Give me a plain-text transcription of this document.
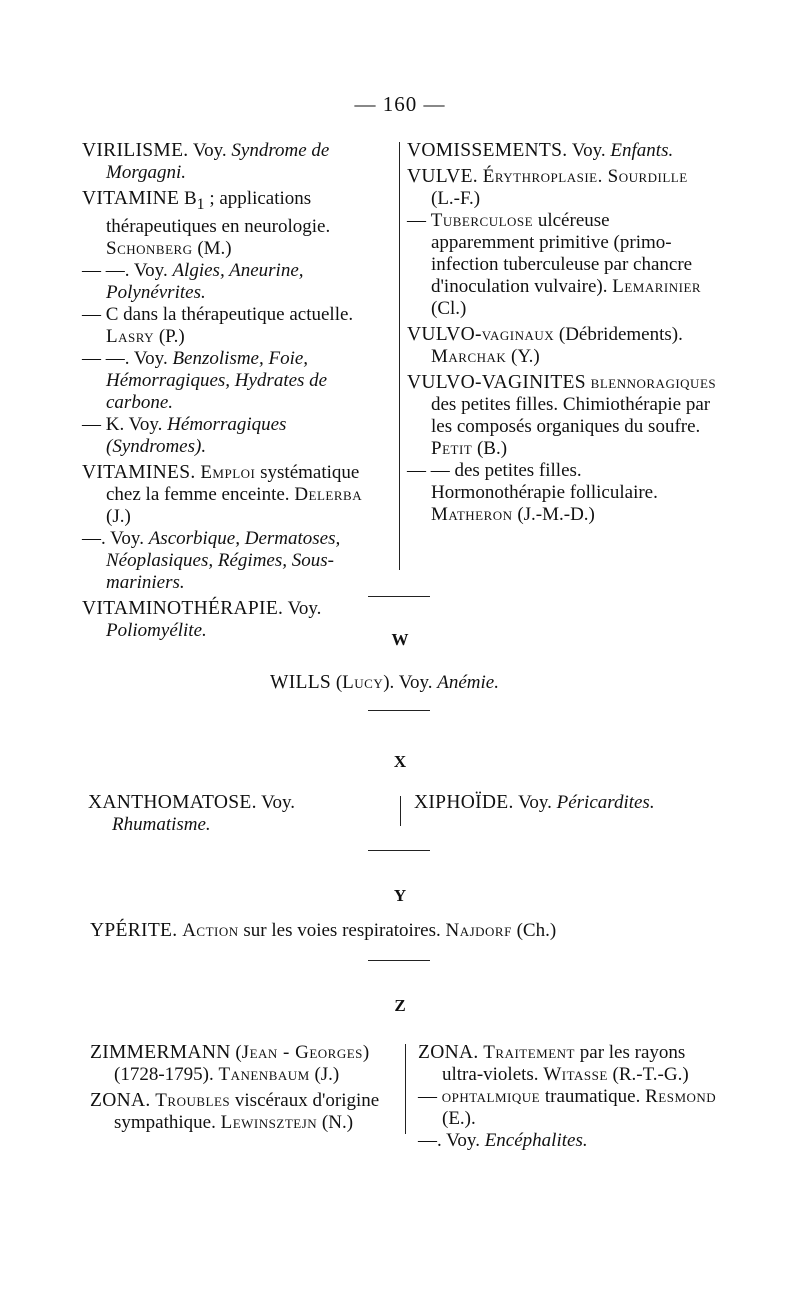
— 160 —
VIRILISME. Voy. Syndrome de Morgagni.
VITAMINE $B_1$ ; applications thérapeutiques en neurologie. Schonberg (M.)
— —. Voy. Algies, Aneurine, Polynévrites.
— C dans la thérapeutique actuelle. Lasry (P.)
— —. Voy. Benzolisme, Foie, Hémorragiques, Hydrates de carbone.
— K. Voy. Hémorragiques (Syndromes).
VITAMINES. Emploi systématique chez la femme enceinte. Delerba (J.)
—. Voy. Ascorbique, Dermatoses, Néoplasiques, Régimes, Sous-mariniers.
VITAMINOTHÉRAPIE. Voy. Poliomyélite.
VOMISSEMENTS. Voy. Enfants.
VULVE. Érythroplasie. Sourdille (L.-F.)
— Tuberculose ulcéreuse apparemment primitive (primo-infection tuberculeuse par chancre d'inoculation vulvaire). Lemarinier (Cl.)
VULVO-vaginaux (Débridements). Marchak (Y.)
VULVO-VAGINITES blennoragiques des petites filles. Chimiothérapie par les composés organiques du soufre. Petit (B.)
— — des petites filles. Hormonothérapie folliculaire. Matheron (J.-M.-D.)
W
WILLS (Lucy). Voy. Anémie.
X
XANTHOMATOSE. Voy. Rhumatisme.
XIPHOÏDE. Voy. Péricardites.
Y
YPÉRITE. Action sur les voies respiratoires. Najdorf (Ch.)
Z
ZIMMERMANN (Jean - Georges) (1728-1795). Tanenbaum (J.)
ZONA. Troubles viscéraux d'origine sympathique. Lewinsztejn (N.)
ZONA. Traitement par les rayons ultra-violets. Witasse (R.-T.-G.)
— ophtalmique traumatique. Resmond (E.).
—. Voy. Encéphalites.
